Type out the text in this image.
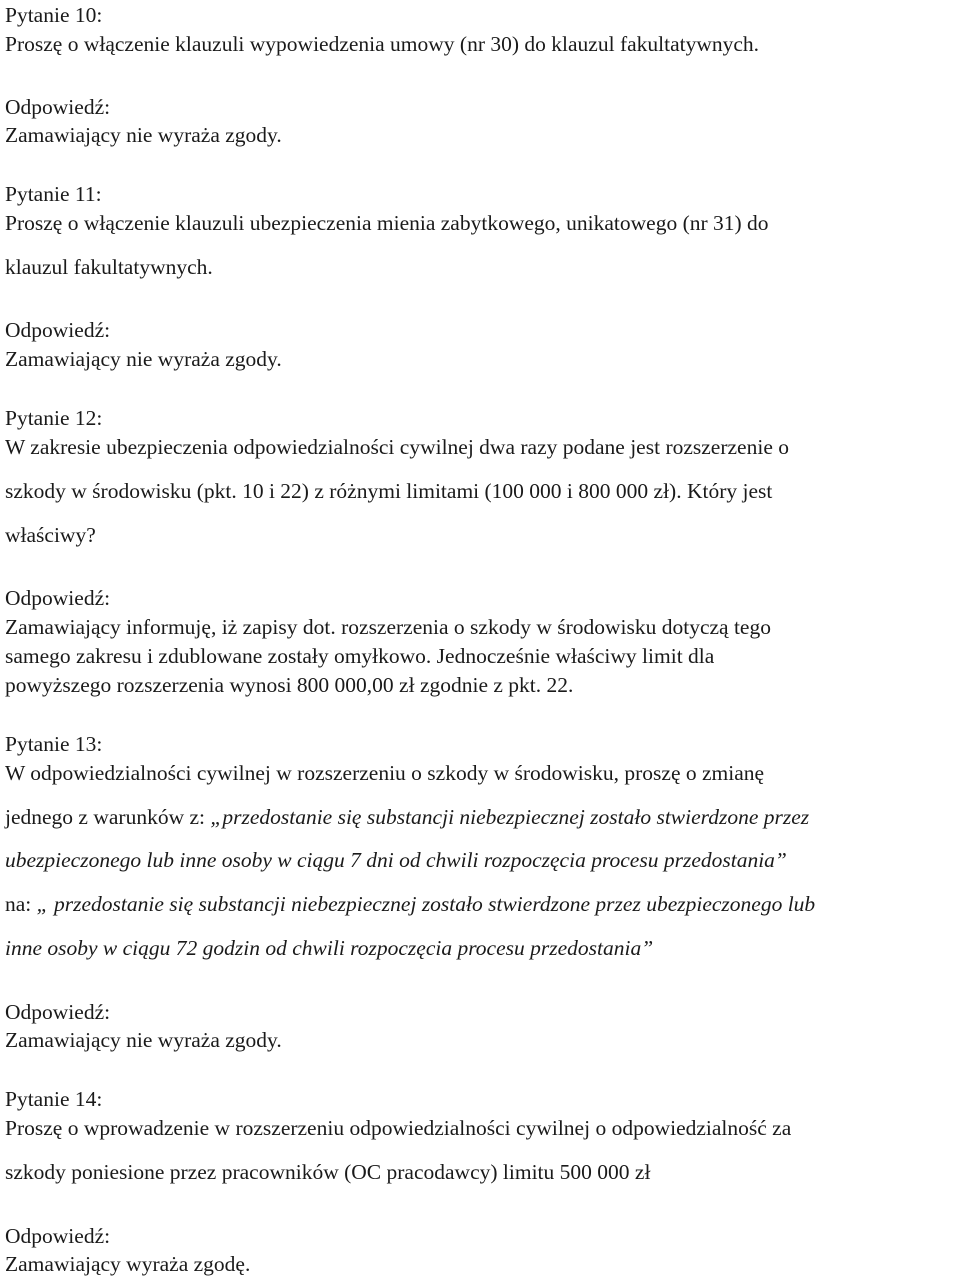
Pytanie 10:
Proszę o włączenie klauzuli wypowiedzenia umowy (nr 30) do klauzul fakultatywnych.
Odpowiedź:
Zamawiający nie wyraża zgody.
Pytanie 11:
Proszę o włączenie klauzuli ubezpieczenia mienia zabytkowego, unikatowego (nr 31) do
klauzul fakultatywnych.
Odpowiedź:
Zamawiający nie wyraża zgody.
Pytanie 12:
W zakresie ubezpieczenia odpowiedzialności cywilnej dwa razy podane jest rozszerzenie o
szkody w środowisku (pkt. 10 i 22) z różnymi limitami (100 000 i 800 000 zł). Który jest
właściwy?
Odpowiedź:
Zamawiający informuję, iż zapisy dot. rozszerzenia o szkody w środowisku dotyczą tego
samego zakresu i zdublowane zostały omyłkowo. Jednocześnie właściwy limit dla
powyższego rozszerzenia wynosi 800 000,00 zł zgodnie z pkt. 22.
Pytanie 13:
W odpowiedzialności cywilnej w rozszerzeniu o szkody w środowisku, proszę o zmianę
jednego z warunków z: „przedostanie się substancji niebezpiecznej zostało stwierdzone przez
ubezpieczonego lub inne osoby w ciągu 7 dni od chwili rozpoczęcia procesu przedostania”
na: „ przedostanie się substancji niebezpiecznej zostało stwierdzone przez ubezpieczonego lub
inne osoby w ciągu 72 godzin od chwili rozpoczęcia procesu przedostania”
Odpowiedź:
Zamawiający nie wyraża zgody.
Pytanie 14:
Proszę o wprowadzenie w rozszerzeniu odpowiedzialności cywilnej o odpowiedzialność za
szkody poniesione przez pracowników (OC pracodawcy) limitu 500 000 zł
Odpowiedź:
Zamawiający wyraża zgodę.
